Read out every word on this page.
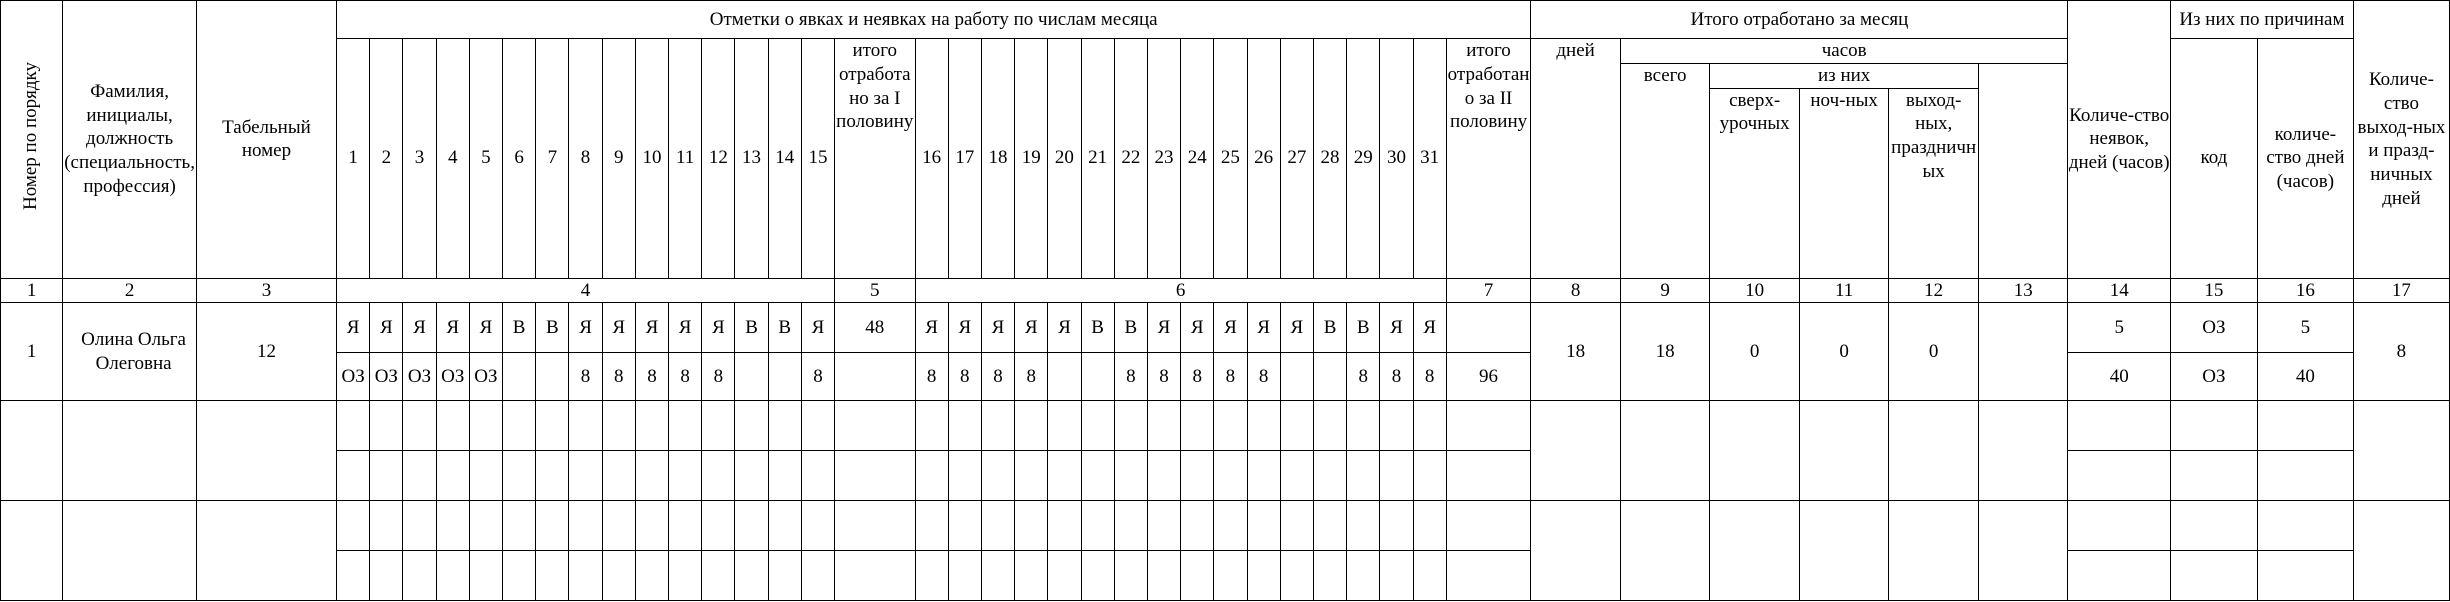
Номер по порядку	Фамилия, инициалы, должность (специальность, профессия)	Табельный номер	Отметки о явках и неявках на работу по числам месяца																																	Итого отработано за месяц						Количе-ство неявок, дней (часов)	Из них по причинам		Количе-ство выход-ных и празд-ничных дней
			1	2	3	4	5	6	7	8	9	10	11	12	13	14	15	итого отработано за I половину	16	17	18	19	20	21	22	23	24	25	26	27	28	29	30	31	итого отработано за II половину	дней	часов						код	количе-ство дней (часов)	
																																					всего	из них							
																																						сверх-урочных	ноч-ных	выход-ных, праздничных					
1	2	3	4															5	6																7	8	9	10	11	12	13	14	15	16	17
1	Олина Ольга Олеговна	12	Я	Я	Я	Я	Я	В	В	Я	Я	Я	Я	Я	В	В	Я	48	Я	Я	Я	Я	Я	В	В	Я	Я	Я	Я	Я	В	В	Я	Я		18	18	0	0	0		5	ОЗ	5	8
			ОЗ	ОЗ	ОЗ	ОЗ	ОЗ			8	8	8	8	8			8		8	8	8	8			8	8	8	8	8			8	8	8	96							40	ОЗ	40	
